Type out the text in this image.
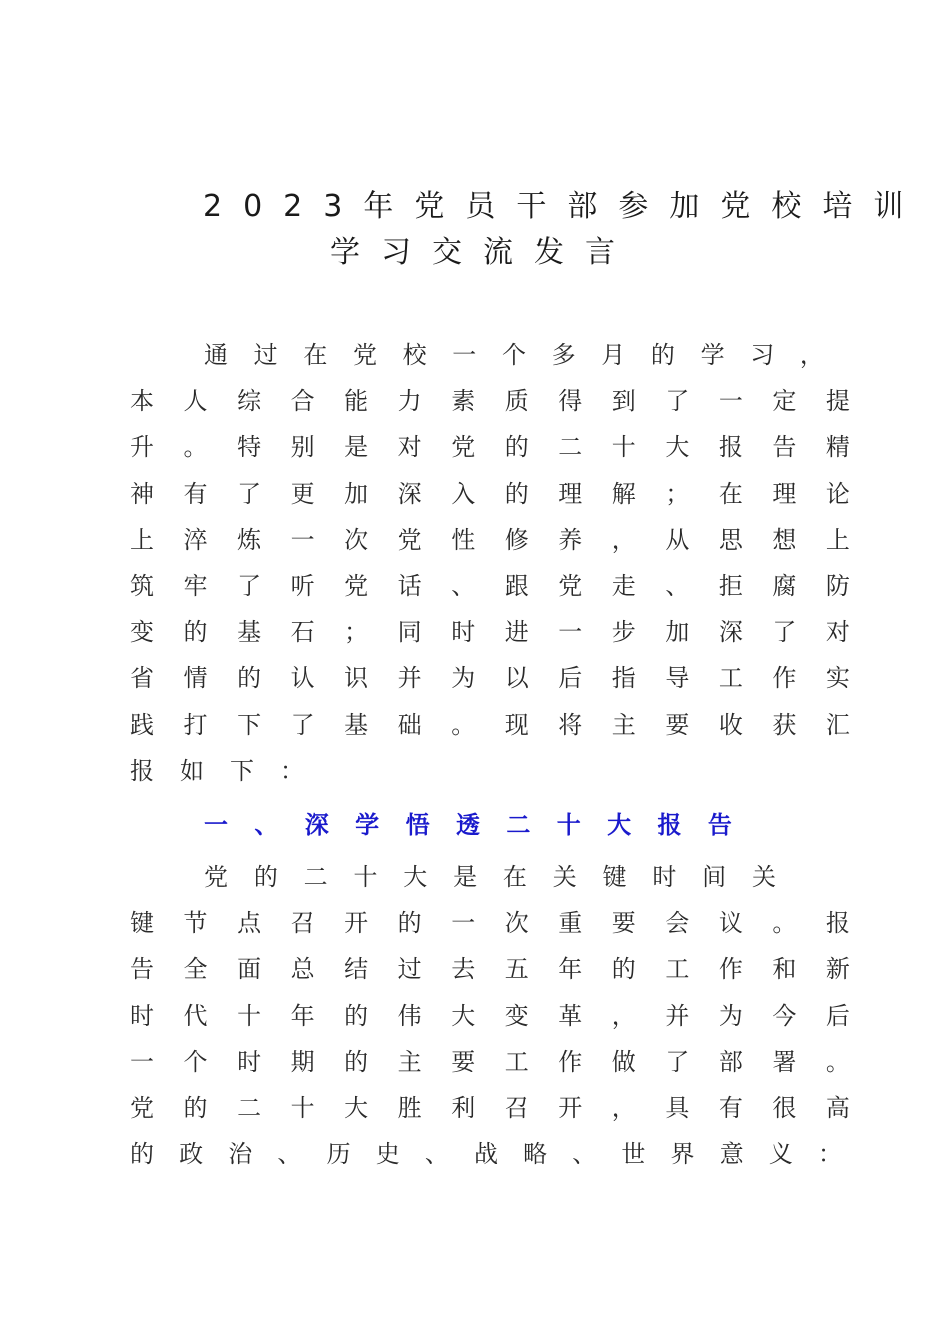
2023年党员干部参加党校培训
学习交流发言
通 过 在 党 校 一 个 多 月 的 学 习 ，
本 人 综 合 能 力 素 质 得 到 了 一 定 提
升 。 特 别 是 对 党 的 二 十 大 报 告 精
神 有 了 更 加 深 入 的 理 解 ； 在 理 论
上 淬 炼 一 次 党 性 修 养 ， 从 思 想 上
筑 牢 了 听 党 话 、 跟 党 走 、 拒 腐 防
变 的 基 石 ； 同 时 进 一 步 加 深 了 对
省 情 的 认 识 并 为 以 后 指 导 工 作 实
践 打 下 了 基 础 。 现 将 主 要 收 获 汇
报 如 下 ：
一 、 深 学 悟 透 二 十 大 报 告
党 的 二 十 大 是 在 关 键 时 间 关
键 节 点 召 开 的 一 次 重 要 会 议 。 报
告 全 面 总 结 过 去 五 年 的 工 作 和 新
时 代 十 年 的 伟 大 变 革 ， 并 为 今 后
一 个 时 期 的 主 要 工 作 做 了 部 署 。
党 的 二 十 大 胜 利 召 开 ， 具 有 很 高
的 政 治 、 历 史 、 战 略 、 世 界 意 义 ：
